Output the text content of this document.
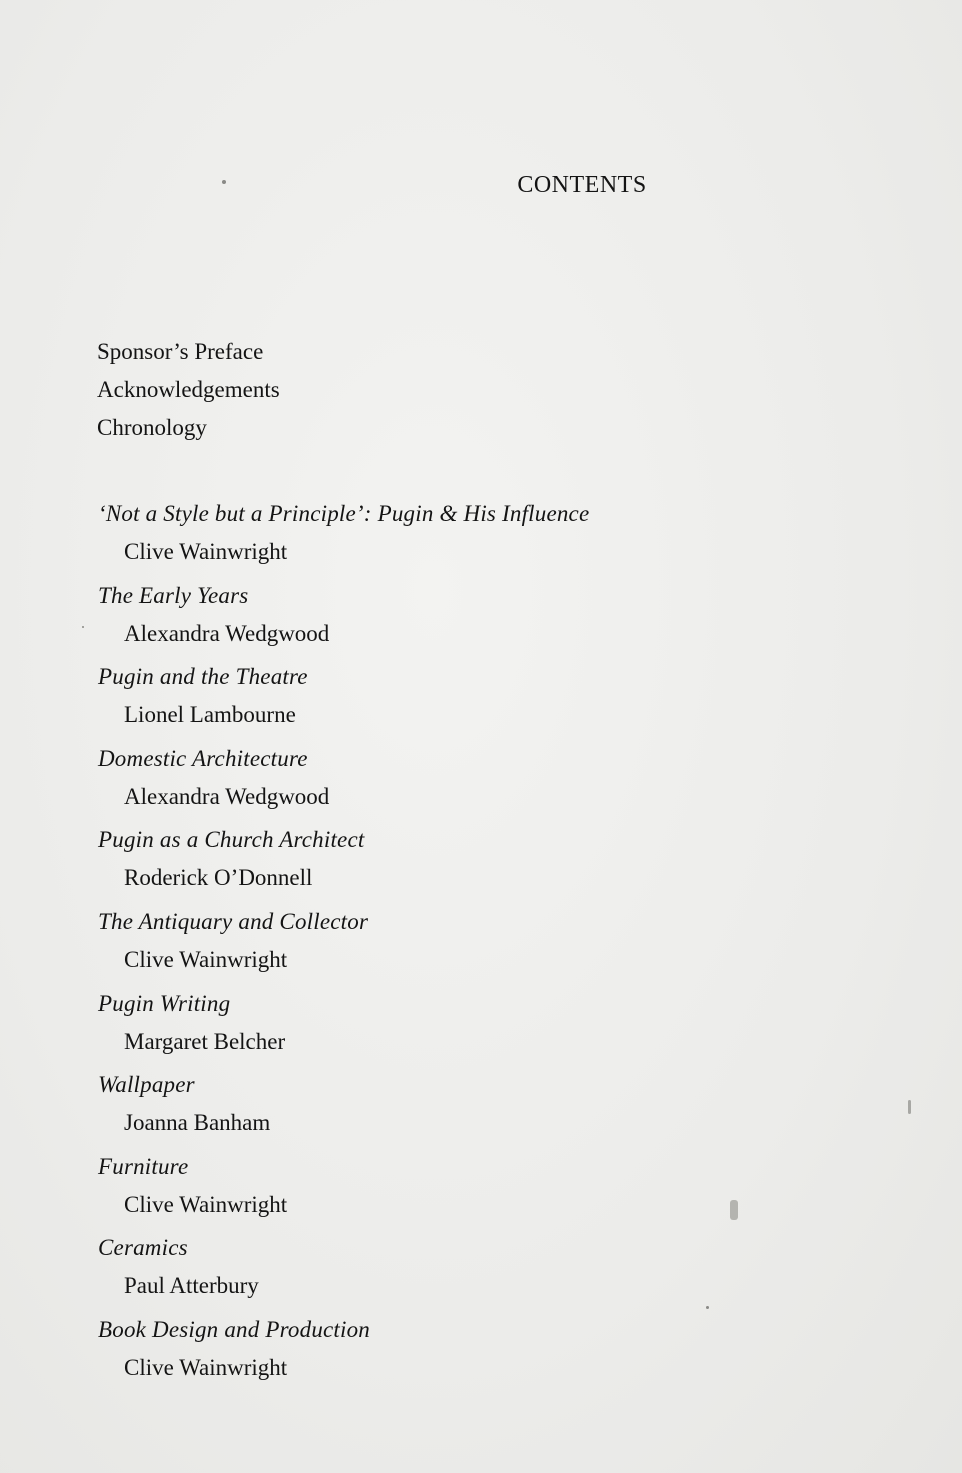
CONTENTS
Sponsor’s Preface
Acknowledgements
Chronology
‘Not a Style but a Principle’: Pugin & His Influence
Clive Wainwright
The Early Years
Alexandra Wedgwood
Pugin and the Theatre
Lionel Lambourne
Domestic Architecture
Alexandra Wedgwood
Pugin as a Church Architect
Roderick O’Donnell
The Antiquary and Collector
Clive Wainwright
Pugin Writing
Margaret Belcher
Wallpaper
Joanna Banham
Furniture
Clive Wainwright
Ceramics
Paul Atterbury
Book Design and Production
Clive Wainwright
